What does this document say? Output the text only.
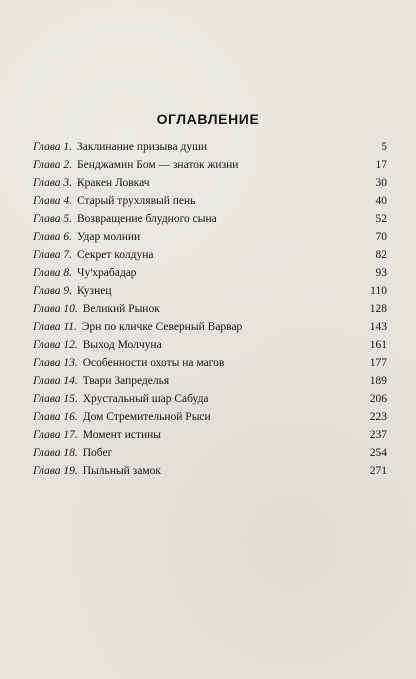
ОГЛАВЛЕНИЕ
Глава 1. Заклинание призыва души	5
Глава 2. Бенджамин Бом — знаток жизни	17
Глава 3. Кракен Ловкач	30
Глава 4. Старый трухлявый пень	40
Глава 5. Возвращение блудного сына	52
Глава 6. Удар молнии	70
Глава 7. Секрет колдуна	82
Глава 8. Чу'храбадар	93
Глава 9. Кузнец	110
Глава 10. Великий Рынок	128
Глава 11. Эрн по кличке Северный Варвар	143
Глава 12. Выход Молчуна	161
Глава 13. Особенности охоты на магов	177
Глава 14. Твари Запределья	189
Глава 15. Хрустальный шар Сабуда	206
Глава 16. Дом Стремительной Рыси	223
Глава 17. Момент истины	237
Глава 18. Побег	254
Глава 19. Пыльный замок	271
